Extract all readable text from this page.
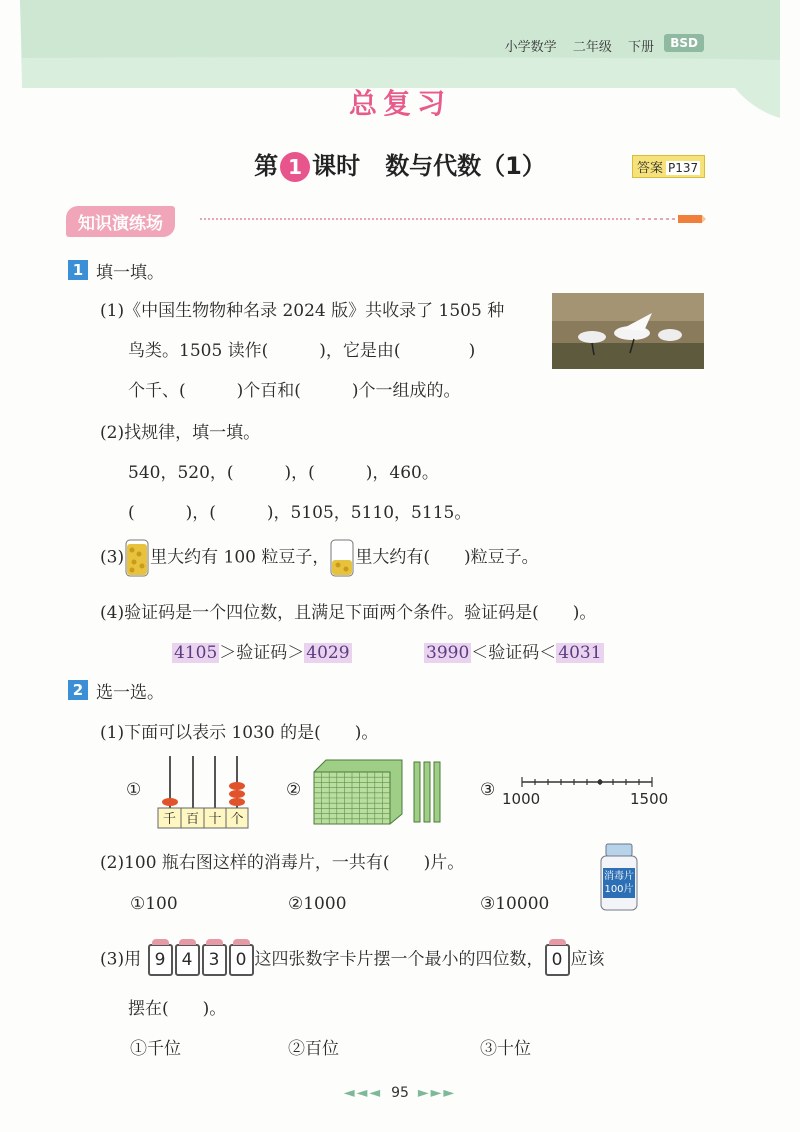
小学数学 二年级 下册	BSD
总复习
第 1 课时 数与代数（1）	答案 P137
知识演练场
1 填一填。
(1)《中国生物物种名录 2024 版》共收录了 1505 种
鸟类。1505 读作(　　　)，它是由(　　　　)
个千、(　　　)个百和(　　　)个一组成的。
(2)找规律，填一填。
540，520，(　　　)，(　　　)，460。
(　　　)，(　　　)，5105，5110，5115。
(3) 里大约有 100 粒豆子， 里大约有(　　)粒豆子。
(4)验证码是一个四位数，且满足下面两个条件。验证码是(　　)。
4105 ＞验证码＞ 4029	3990 ＜验证码＜ 4031
2 选一选。
(1)下面可以表示 1030 的是(　　)。
①
千 百 十 个
②	③ 1000	1500
(2)100 瓶右图这样的消毒片，一共有(　　)片。
消毒片
100片
①100	②1000	③10000
(3)用 9 4 3 0 这四张数字卡片摆一个最小的四位数， 0 应该
摆在(　　)。
①千位	②百位	③十位
◄◄◄ 95 ►►►
